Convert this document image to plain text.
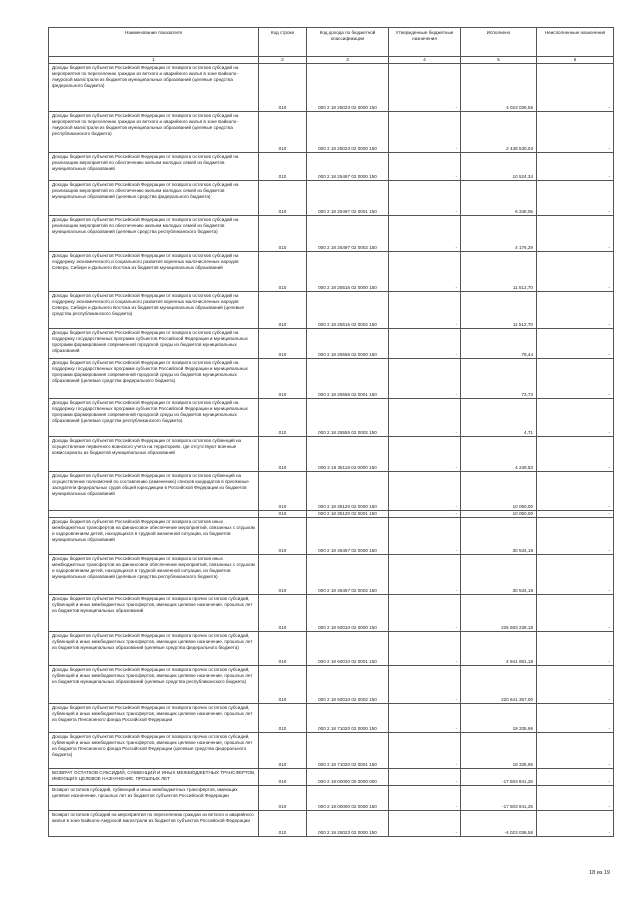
Наименование показателя	Код строки	Код дохода по бюджетной классификации	Утвержденные бюджетные назначения	Исполнено	Неисполненные назначения
1	2	3	4	5	6
Доходы бюджетов субъектов Российской Федерации от возврата остатков субсидий на мероприятия по переселению граждан из ветхого и аварийного жилья в зоне Байкало-Амурской магистрали из бюджетов муниципальных образований (целевые средства федерального бюджета)	010	000 2 18 25023 02 0000 150	-	4 023 036,56	-
Доходы бюджетов субъектов Российской Федерации от возврата остатков субсидий на мероприятия по переселению граждан из ветхого и аварийного жилья в зоне Байкало-Амурской магистрали из бюджетов муниципальных образований (целевые средства республиканского бюджета)	010	000 2 18 25023 02 0000 150	-	2 438 530,03	-
Доходы бюджетов субъектов Российской Федерации от возврата остатков субсидий на реализацию мероприятий по обеспечению жильем молодых семей из бюджетов муниципальных образований	010	000 2 18 25497 02 0000 150	-	10 524,34	-
Доходы бюджетов субъектов Российской Федерации от возврата остатков субсидий на реализацию мероприятий по обеспечению жильем молодых семей из бюджетов муниципальных образований (целевые средства федерального бюджета)	010	000 2 18 25497 02 0001 150	-	6 348,05	-
Доходы бюджетов субъектов Российской Федерации от возврата остатков субсидий на реализацию мероприятий по обеспечению жильем молодых семей из бюджетов муниципальных образований (целевые средства республиканского бюджета)	010	000 2 18 25497 02 0002 150	-	4 176,29	-
Доходы бюджетов субъектов Российской Федерации от возврата остатков субсидий на поддержку экономического и социального развития коренных малочисленных народов Севера, Сибири и Дальнего Востока из бюджетов муниципальных образований	010	000 2 18 25515 02 0000 150	-	11 512,70	-
Доходы бюджетов субъектов Российской Федерации от возврата остатков субсидий на поддержку экономического и социального развития коренных малочисленных народов Севера, Сибири и Дальнего Востока из бюджетов муниципальных образований (целевые средства республиканского бюджета)	010	000 2 18 25515 02 0002 150	-	11 512,70	-
Доходы бюджетов субъектов Российской Федерации от возврата остатков субсидий на поддержку государственных программ субъектов Российской Федерации и муниципальных программ формирования современной городской среды из бюджетов муниципальных образований	010	000 2 18 25555 02 0000 150	-	78,44	-
Доходы бюджетов субъектов Российской Федерации от возврата остатков субсидий на поддержку государственных программ субъектов Российской Федерации и муниципальных программ формирования современной городской среды из бюджетов муниципальных образований (целевые средства федерального бюджета)	010	000 2 18 25555 02 0001 150	-	73,73	-
Доходы бюджетов субъектов Российской Федерации от возврата остатков субсидий на поддержку государственных программ субъектов Российской Федерации и муниципальных программ формирования современной городской среды из бюджетов муниципальных образований (целевые средства республиканского бюджета)	010	000 2 18 25555 02 0002 150	-	4,71	-
Доходы бюджетов субъектов Российской Федерации от возврата остатков субвенций на осуществление первичного воинского учета на территориях, где отсутствуют военные комиссариаты из бюджетов муниципальных образований	010	000 2 18 35118 02 0000 150	-	4 249,53	-
Доходы бюджетов субъектов Российской Федерации от возврата остатков субвенций на осуществление полномочий по составлению (изменению) списков кандидатов в присяжные заседатели федеральных судов общей юрисдикции в Российской Федерации из бюджетов муниципальных образований	010	000 2 18 35120 02 0000 150	-	10 050,00	-
	010	000 2 18 35120 02 0001 150	-	10 050,00	-
Доходы бюджетов субъектов Российской Федерации от возврата остатков иных межбюджетных трансфертов на финансовое обеспечение мероприятий, связанных с отдыхом и оздоровлением детей, находящихся в трудной жизненной ситуации, из бюджетов муниципальных образований	010	000 2 18 45457 02 0000 150	-	30 534,19	-
Доходы бюджетов субъектов Российской Федерации от возврата остатков иных межбюджетных трансфертов на финансовое обеспечение мероприятий, связанных с отдыхом и оздоровлением детей, находящихся в трудной жизненной ситуации, из бюджетов муниципальных образований (целевые средства республиканского бюджета)	010	000 2 18 45457 02 0002 150	-	30 534,19	-
Доходы бюджетов субъектов Российской Федерации от возврата прочих остатков субсидий, субвенций и иных межбюджетных трансфертов, имеющих целевое назначение, прошлых лет из бюджетов муниципальных образований	010	000 2 18 60010 02 0000 150	-	225 583 238,18	-
Доходы бюджетов субъектов Российской Федерации от возврата прочих остатков субсидий, субвенций и иных межбюджетных трансфертов, имеющих целевое назначение, прошлых лет из бюджетов муниципальных образований (целевые средства федерального бюджета)	010	000 2 18 60010 02 0001 150	-	4 941 881,18	-
Доходы бюджетов субъектов Российской Федерации от возврата прочих остатков субсидий, субвенций и иных межбюджетных трансфертов, имеющих целевое назначение, прошлых лет из бюджетов муниципальных образований (целевые средства республиканского бюджета)	010	000 2 18 60010 02 0002 150	-	220 641 357,00	-
Доходы бюджетов субъектов Российской Федерации от возврата прочих остатков субсидий, субвенций и иных межбюджетных трансфертов, имеющих целевое назначение, прошлых лет из бюджета Пенсионного фонда Российской Федерации	010	000 2 18 71020 02 0000 150	-	19 335,96	-
Доходы бюджетов субъектов Российской Федерации от возврата прочих остатков субсидий, субвенций и иных межбюджетных трансфертов, имеющих целевое назначение, прошлых лет из бюджета Пенсионного фонда Российской Федерации (целевые средства федерального бюджета)	010	000 2 18 71020 02 0001 150	-	19 335,96	-
ВОЗВРАТ ОСТАТКОВ СУБСИДИЙ, СУБВЕНЦИЙ И ИНЫХ МЕЖБЮДЖЕТНЫХ ТРАНСФЕРТОВ, ИМЕЮЩИХ ЦЕЛЕВОЕ НАЗНАЧЕНИЕ, ПРОШЛЫХ ЛЕТ	010	000 2 19 00000 00 0000 000	-	-17 503 941,26	-
Возврат остатков субсидий, субвенций и иных межбюджетных трансфертов, имеющих целевое назначение, прошлых лет из бюджетов субъектов Российской Федерации	010	000 2 19 00000 02 0000 150	-	-17 503 941,26	-
Возврат остатков субсидий на мероприятия по переселению граждан из ветхого и аварийного жилья в зоне Байкало-Амурской магистрали из бюджетов субъектов Российской Федерации	010	000 2 19 25023 02 0000 150	-	-4 023 036,56	-
18 из 19
